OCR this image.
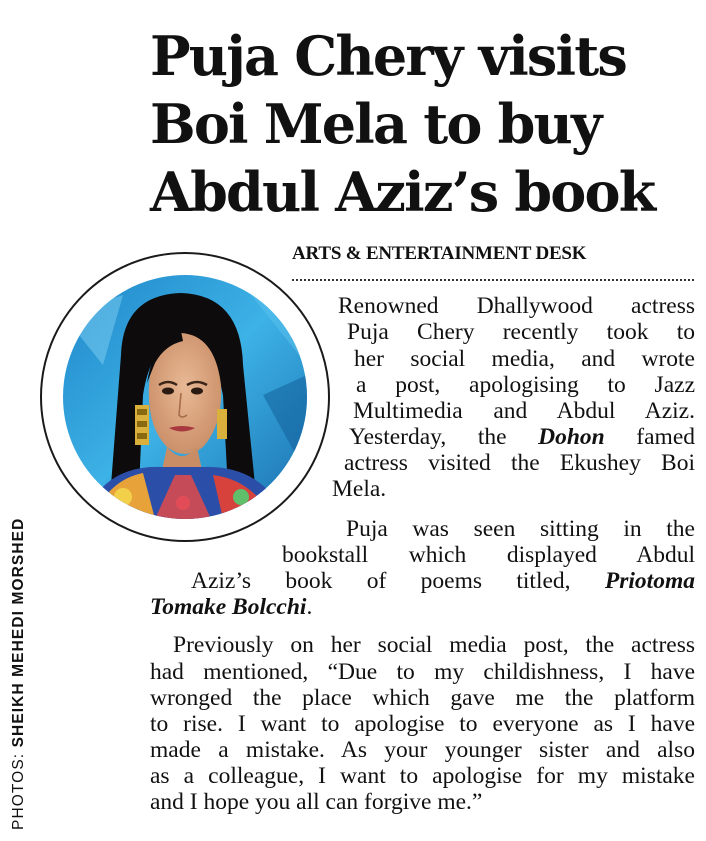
Puja Chery visits
Boi Mela to buy
Abdul Aziz’s book
ARTS & ENTERTAINMENT DESK
PHOTOS: SHEIKH MEHEDI MORSHED
Renowned Dhallywood actress
Puja Chery recently took to
her social media, and wrote
a post, apologising to Jazz
Multimedia and Abdul Aziz.
Yesterday, the Dohon famed
actress visited the Ekushey Boi
Mela.
Puja was seen sitting in the
bookstall which displayed Abdul
Aziz’s book of poems titled, Priotoma
Tomake Bolcchi.
Previously on her social media post, the actress
had mentioned, “Due to my childishness, I have
wronged the place which gave me the platform
to rise. I want to apologise to everyone as I have
made a mistake. As your younger sister and also
as a colleague, I want to apologise for my mistake
and I hope you all can forgive me.”
